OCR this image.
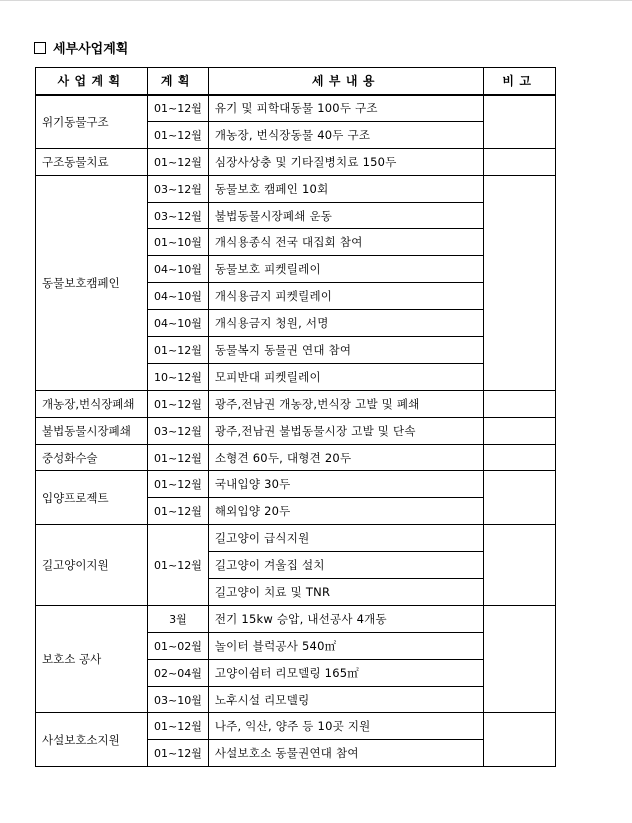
세부사업계획
사업계획	계획	세부내용	비고
위기동물구조	01~12월	유기 및 피학대동물 100두 구조	
	01~12월	개농장, 번식장동물 40두 구조	
구조동물치료	01~12월	심장사상충 및 기타질병치료 150두	
동물보호캠페인	03~12월	동물보호 캠페인 10회	
	03~12월	불법동물시장폐쇄 운동	
	01~10월	개식용종식 전국 대집회 참여	
	04~10월	동물보호 피켓릴레이	
	04~10월	개식용금지 피켓릴레이	
	04~10월	개식용금지 청원, 서명	
	01~12월	동물복지 동물권 연대 참여	
	10~12월	모피반대 피켓릴레이	
개농장,번식장폐쇄	01~12월	광주,전남권 개농장,번식장 고발 및 폐쇄	
불법동물시장폐쇄	03~12월	광주,전남권 불법동물시장 고발 및 단속	
중성화수술	01~12월	소형견 60두, 대형견 20두	
입양프로젝트	01~12월	국내입양 30두	
	01~12월	해외입양 20두	
길고양이지원	01~12월	길고양이 급식지원	
		길고양이 겨울집 설치	
		길고양이 치료 및 TNR	
보호소 공사	3월	전기 15kw 승압, 내선공사 4개동	
	01~02월	놀이터 블럭공사 540㎡	
	02~04월	고양이쉼터 리모델링 165㎡	
	03~10월	노후시설 리모델링	
사설보호소지원	01~12월	나주, 익산, 양주 등 10곳 지원	
	01~12월	사설보호소 동물권연대 참여	
